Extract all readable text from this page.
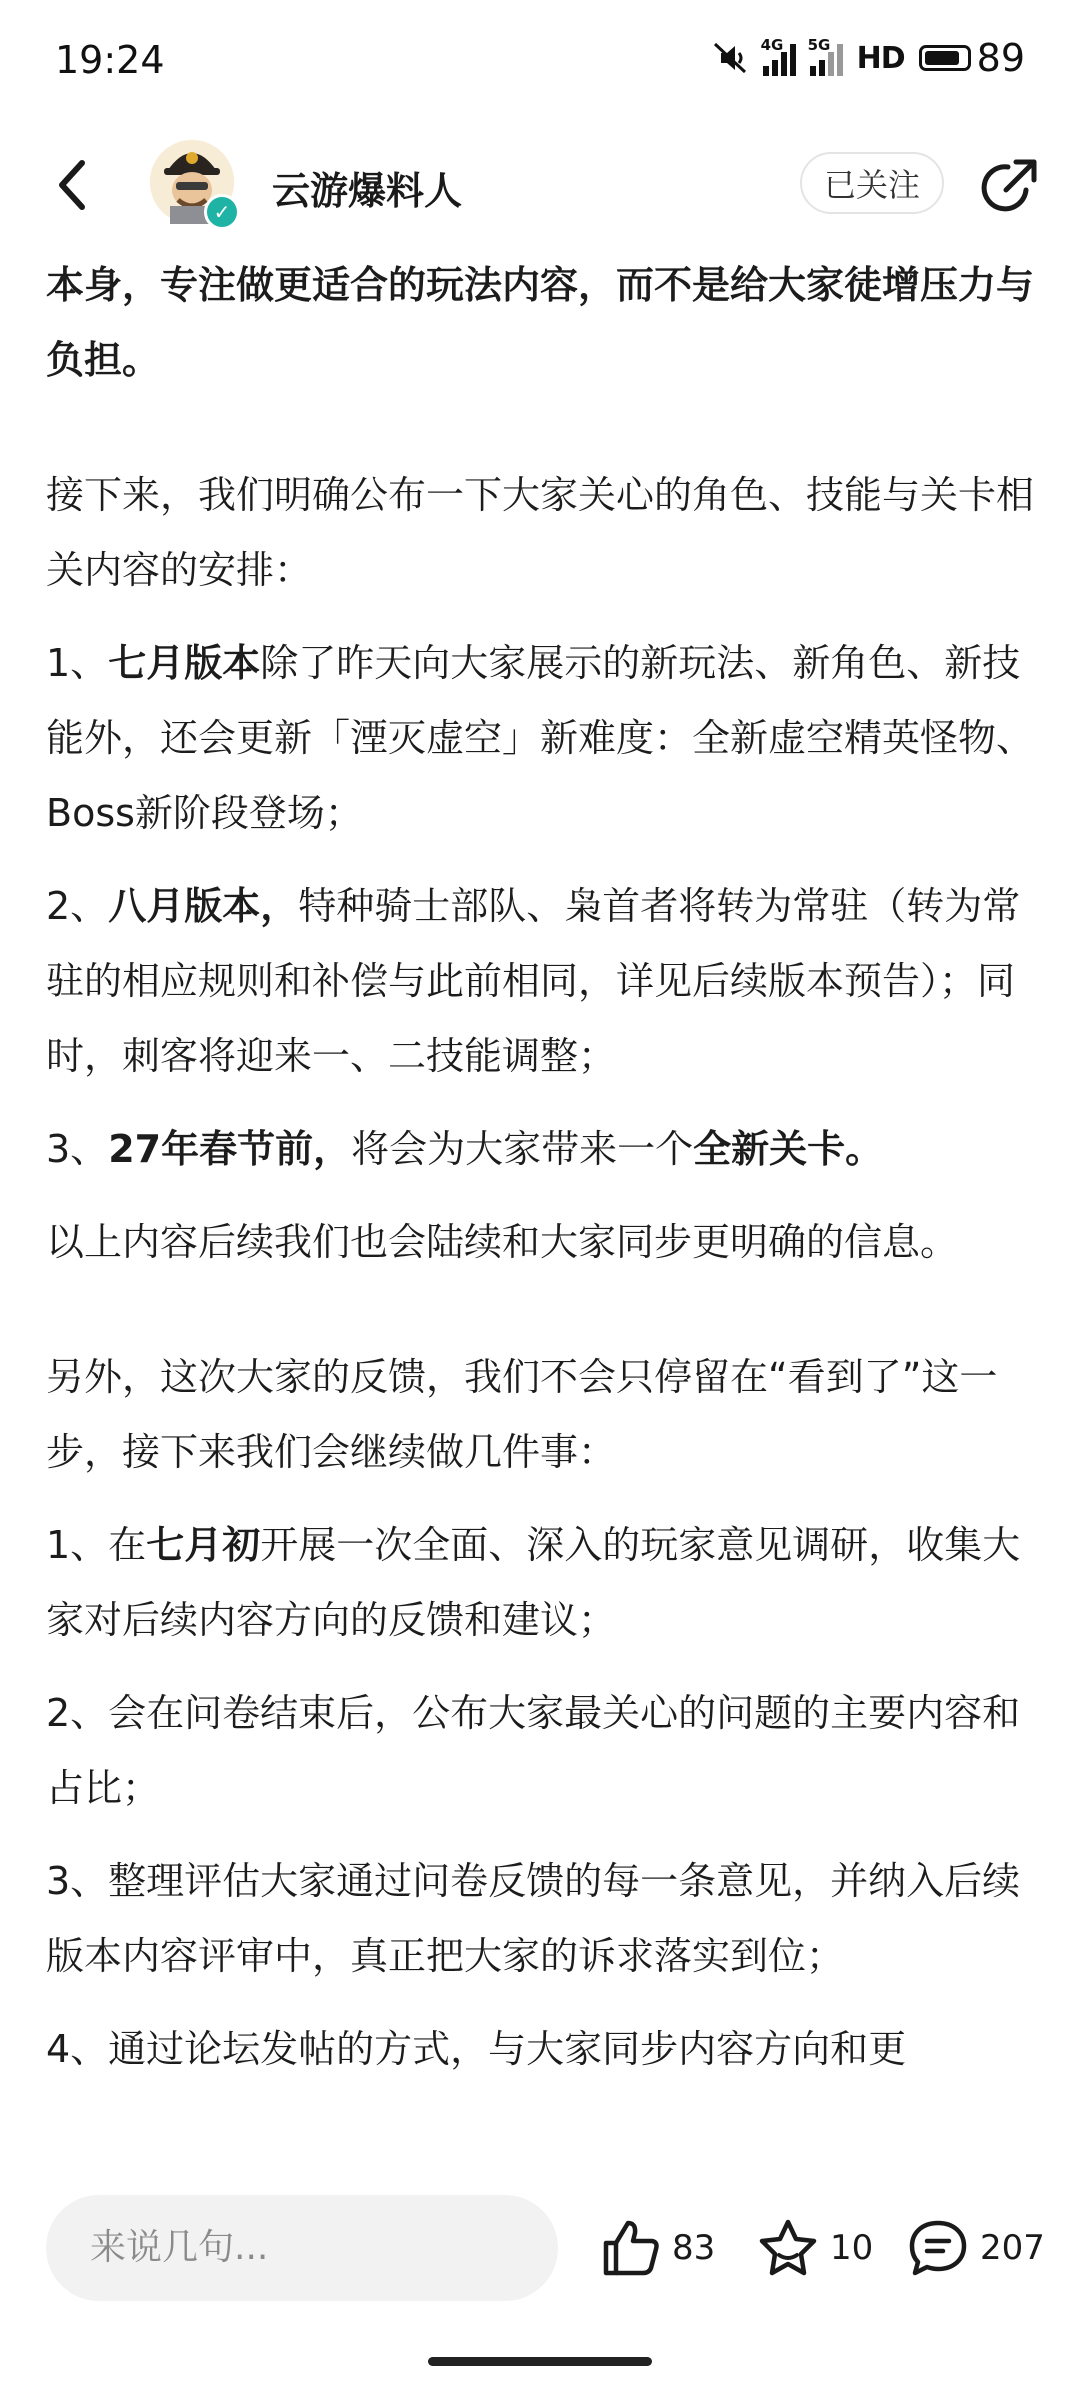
19:24	4G 5G HD 89
✓ 云游爆料人	已关注

本身，专注做更适合的玩法内容，而不是给大家徒增压力与负担。

接下来，我们明确公布一下大家关心的角色、技能与关卡相关内容的安排：

1、七月版本除了昨天向大家展示的新玩法、新角色、新技能外，还会更新「湮灭虚空」新难度：全新虚空精英怪物、Boss新阶段登场；

2、八月版本，特种骑士部队、枭首者将转为常驻（转为常驻的相应规则和补偿与此前相同，详见后续版本预告）；同时，刺客将迎来一、二技能调整；

3、27年春节前，将会为大家带来一个全新关卡。

以上内容后续我们也会陆续和大家同步更明确的信息。

另外，这次大家的反馈，我们不会只停留在“看到了”这一步，接下来我们会继续做几件事：

1、在七月初开展一次全面、深入的玩家意见调研，收集大家对后续内容方向的反馈和建议；

2、会在问卷结束后，公布大家最关心的问题的主要内容和占比；

3、整理评估大家通过问卷反馈的每一条意见，并纳入后续版本内容评审中，真正把大家的诉求落实到位；

4、通过论坛发帖的方式，与大家同步内容方向和更

来说几句...	83	10	207
